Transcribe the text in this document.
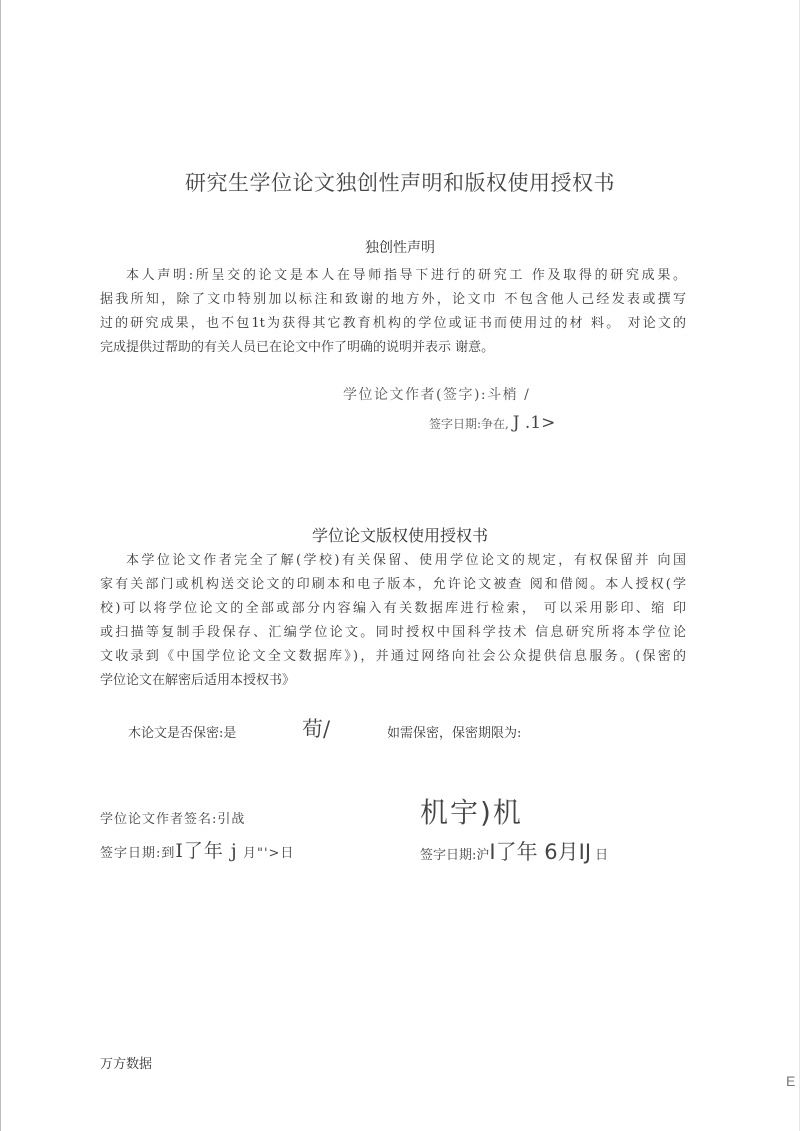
研究生学位论文独创性声明和版权使用授权书
独创性声明
本人声明:所呈交的论文是本人在导师指导下进行的研究工 作及取得的研究成果。
据我所知，除了文巾特别加以标注和致谢的地方外，论文巾 不包含他人己经发表或撰写
过的研究成果，也不包1t为获得其它教育机构的学位或证书而使用过的材 料。 对论文的
完成提供过帮助的有关人员已在论文中作了明确的说明并表示 谢意。
学位论文作者(签字):斗梢 /
签字日期:争在, J .1>
学位论文版权使用授权书
本学位论文作者完全了解(学校)有关保留、使用学位论文的规定，有权保留并 向国
家有关部门或机构送交论文的印刷本和电子版本，允许论文被查 阅和借阅。本人授权(学
校)可以将学位论文的全部或部分内容编入有关数据库进行检索， 可以采用影印、缩 印
或扫描等复制手段保存、汇编学位论文。同时授权中国科学技术 信息研究所将本学位论
文收录到《中国学位论文全文数据库》)，并通过网络向社会公众提供信息服务。(保密的
学位论文在解密后适用本授权书》
木论文是否保密:是	荀/	如需保密，保密期限为:
学位论文作者签名:引战	机宇)机
签字日期:到I了年 j 月"'>日	签字日期:沪I了年 6月IJ 日
万方数据
E
